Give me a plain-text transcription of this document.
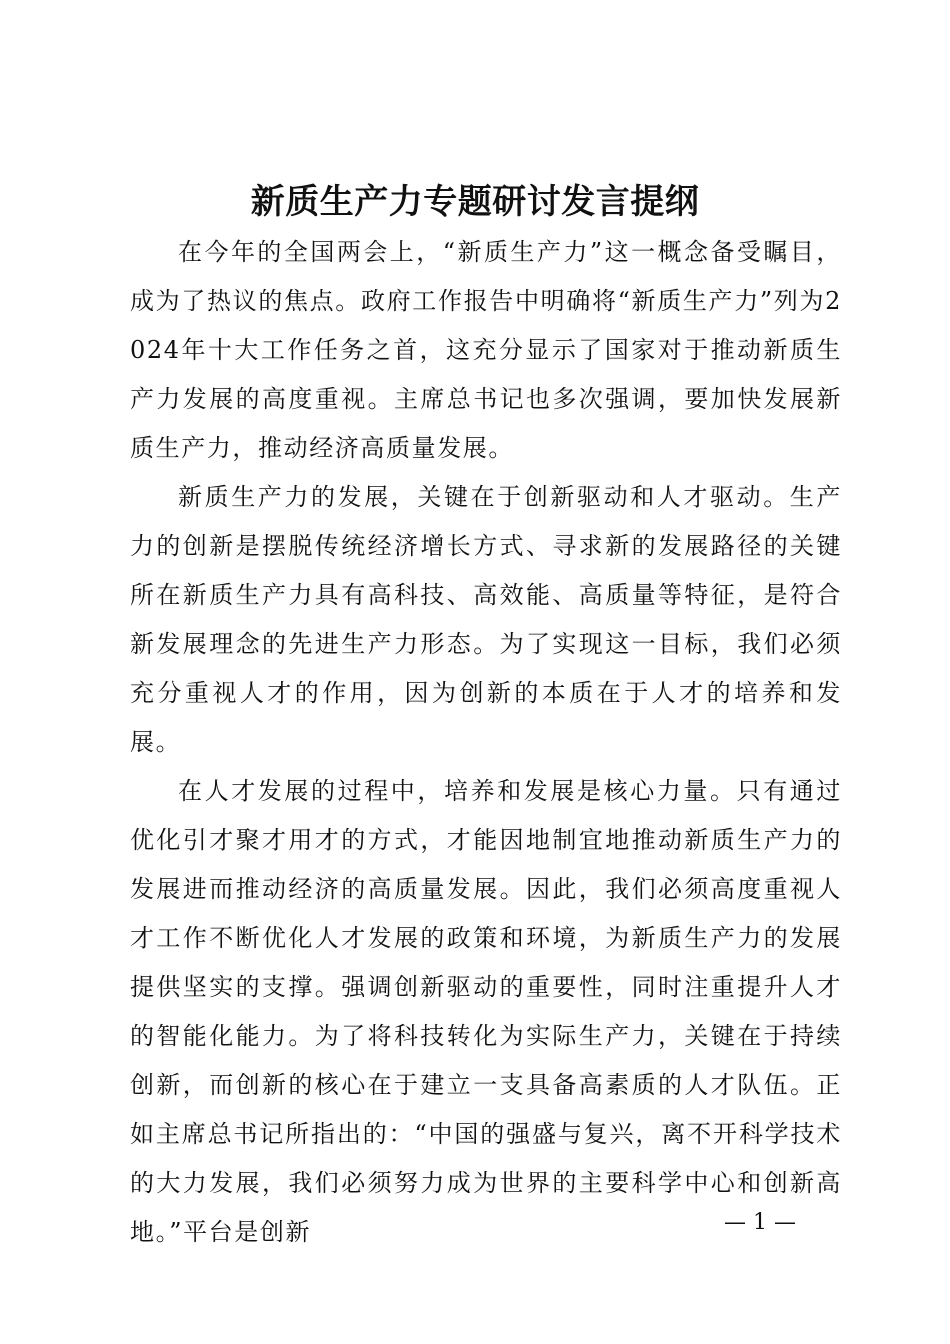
新质生产力专题研讨发言提纲

在今年的全国两会上，“新质生产力”这一概念备受瞩目，成为了热议的焦点。政府工作报告中明确将“新质生产力”列为2024年十大工作任务之首，这充分显示了国家对于推动新质生产力发展的高度重视。主席总书记也多次强调，要加快发展新质生产力，推动经济高质量发展。

新质生产力的发展，关键在于创新驱动和人才驱动。生产力的创新是摆脱传统经济增长方式、寻求新的发展路径的关键所在新质生产力具有高科技、高效能、高质量等特征，是符合新发展理念的先进生产力形态。为了实现这一目标，我们必须充分重视人才的作用，因为创新的本质在于人才的培养和发展。

在人才发展的过程中，培养和发展是核心力量。只有通过优化引才聚才用才的方式，才能因地制宜地推动新质生产力的发展进而推动经济的高质量发展。因此，我们必须高度重视人才工作不断优化人才发展的政策和环境，为新质生产力的发展提供坚实的支撑。强调创新驱动的重要性，同时注重提升人才的智能化能力。为了将科技转化为实际生产力，关键在于持续创新，而创新的核心在于建立一支具备高素质的人才队伍。正如主席总书记所指出的：“中国的强盛与复兴，离不开科学技术的大力发展，我们必须努力成为世界的主要科学中心和创新高地。”平台是创新	— 1 —
